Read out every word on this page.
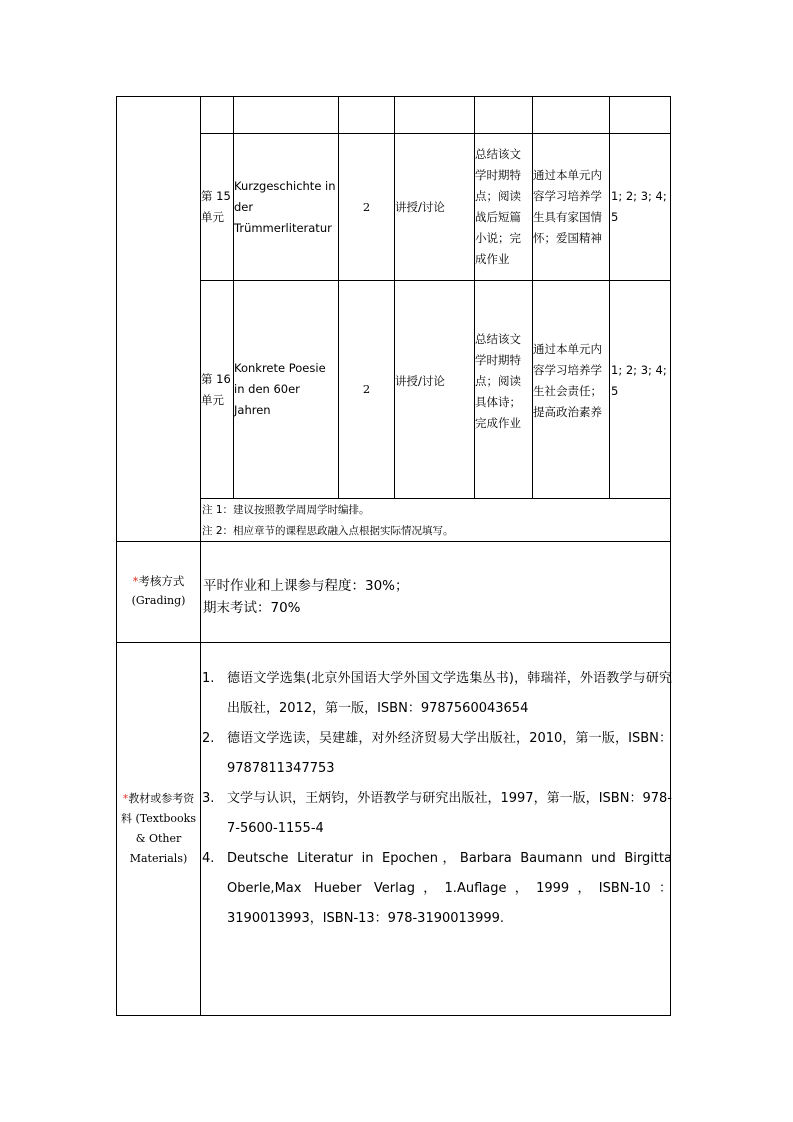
第 15 单元
Kurzgeschichte in der Trümmerliteratur
2 讲授/讨论
总结该文学时期特点；阅读战后短篇小说；完成作业
通过本单元内容学习培养学生具有家国情怀；爱国精神
1; 2; 3; 4; 5
第 16 单元
Konkrete Poesie in den 60er Jahren
2
讲授/讨论
总结该文学时期特点；阅读具体诗；完成作业
通过本单元内容学习培养学生社会责任；提高政治素养
1; 2; 3; 4; 5
注 1：建议按照教学周周学时编排。
注 2：相应章节的课程思政融入点根据实际情况填写。
*考核方式
(Grading)
平时作业和上课参与程度：30%；
期末考试：70%
*教材或参考资
料 (Textbooks
& Other
Materials)
1. 德语文学选集(北京外国语大学外国文学选集丛书)，韩瑞祥，外语教学与研究出版社，2012，第一版，ISBN：9787560043654
2. 德语文学选读，吴建雄，对外经济贸易大学出版社，2010，第一版，ISBN：9787811347753
3. 文学与认识，王炳钧，外语教学与研究出版社，1997，第一版，ISBN：978-7-5600-1155-4
4. Deutsche Literatur in Epochen，Barbara Baumann und Birgitta Oberle,Max Hueber Verlag，1.Auflage，1999，ISBN-10：3190013993，ISBN-13：978-3190013999.
